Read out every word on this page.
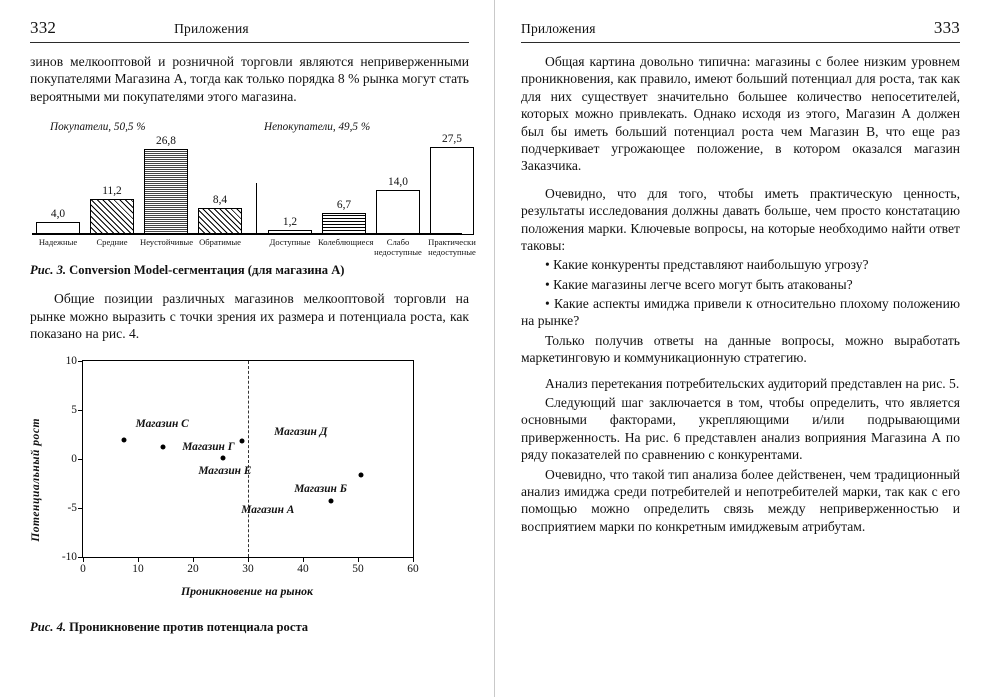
332	Приложения

зинов мелкооптовой и розничной торговли являются неприверженными покупателями Магазина А, тогда как только порядка 8 % рынка могут стать вероятными ми покупателями этого магазина.

Покупатели, 50,5 %	Непокупатели, 49,5 %
4,0
11,2
26,8
8,4
1,2
6,7
14,0
27,5
Надежные	Средние	Неустойчивые Обратимые	Доступные Колеблющиеся	Слабо недоступные
Практически недоступные
Рис. 3. Conversion Model-сегментация (для магазина А)

Общие позиции различных магазинов мелкооптовой торговли на рынке можно выразить с точки зрения их размера и потенциала роста, как показано на рис. 4.

Потенциальный рост
10
5
0
-5
-10
0	10	20	30	40	50	60
Магазин С
Магазин Г
Магазин Д
Магазин Е
Магазин Б
Магазин А
Проникновение на рынок
Рис. 4. Проникновение против потенциала роста
Приложения	333

Общая картина довольно типична: магазины с более низким уровнем проникновения, как правило, имеют больший потенциал для роста, так как для них существует значительно большее количество непосетителей, которых можно привлекать. Однако исходя из этого, Магазин А должен был бы иметь больший потенциал роста чем Магазин В, что еще раз подчеркивает угрожающее положение, в котором оказался магазин Заказчика.

Очевидно, что для того, чтобы иметь практическую ценность, результаты исследования должны давать больше, чем просто констатацию положения марки. Ключевые вопросы, на которые необходимо найти ответ таковы:

• Какие конкуренты представляют наибольшую угрозу?

• Какие магазины легче всего могут быть атакованы?

• Какие аспекты имиджа привели к относительно плохому положению на рынке?

Только получив ответы на данные вопросы, можно выработать маркетинговую и коммуникационную стратегию.

Анализ перетекания потребительских аудиторий представлен на рис. 5.

Следующий шаг заключается в том, чтобы определить, что является основными факторами, укрепляющими и/или подрывающими приверженность. На рис. 6 представлен анализ воприяния Магазина А по ряду показателей по сравнению с конкурентами.

Очевидно, что такой тип анализа более действенен, чем традиционный анализ имиджа среди потребителей и непотребителей марки, так как с его помощью можно определить связь между неприверженностью и восприятием марки по конкретным имиджевым атрибутам.
